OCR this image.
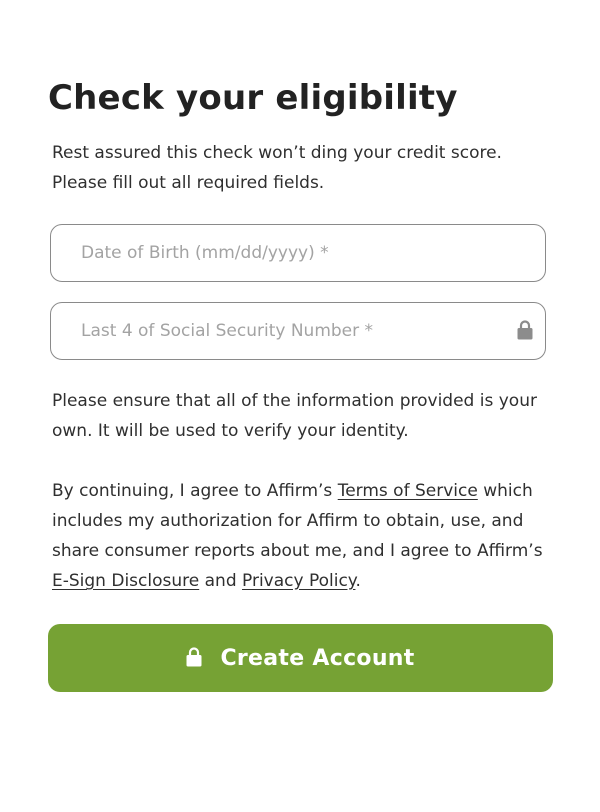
Check your eligibility

Rest assured this check won’t ding your credit score.
Please fill out all required fields.

Date of Birth (mm/dd/yyyy) *
Last 4 of Social Security Number *

Please ensure that all of the information provided is your own. It will be used to verify your identity.

By continuing, I agree to Affirm’s Terms of Service which includes my authorization for Affirm to obtain, use, and share consumer reports about me, and I agree to Affirm’s E-Sign Disclosure and Privacy Policy.

Create Account
